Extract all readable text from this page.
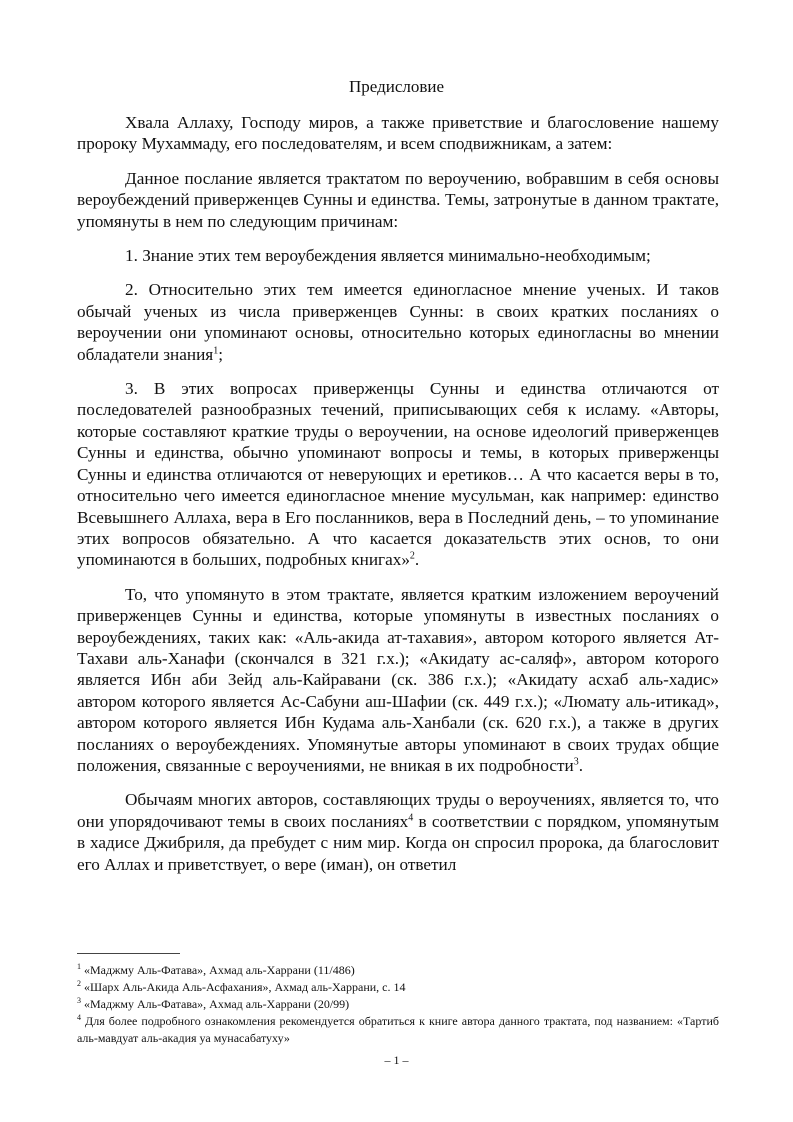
Предисловие

Хвала Аллаху, Господу миров, а также приветствие и благословение нашему пророку Мухаммаду, его последователям, и всем сподвижникам, а затем:

Данное послание является трактатом по вероучению, вобравшим в себя основы вероубеждений приверженцев Сунны и единства. Темы, затронутые в данном трактате, упомянуты в нем по следующим причинам:

1. Знание этих тем вероубеждения является минимально-необходимым;

2. Относительно этих тем имеется единогласное мнение ученых. И таков обычай ученых из числа приверженцев Сунны: в своих кратких посланиях о вероучении они упоминают основы, относительно которых единогласны во мнении обладатели знания$^1$;

3. В этих вопросах приверженцы Сунны и единства отличаются от последователей разнообразных течений, приписывающих себя к исламу. «Авторы, которые составляют краткие труды о вероучении, на основе идеологий приверженцев Сунны и единства, обычно упоминают вопросы и темы, в которых приверженцы Сунны и единства отличаются от неверующих и еретиков… А что касается веры в то, относительно чего имеется единогласное мнение мусульман, как например: единство Всевышнего Аллаха, вера в Его посланников, вера в Последний день, – то упоминание этих вопросов обязательно. А что касается доказательств этих основ, то они упоминаются в больших, подробных книгах»$^2$.

То, что упомянуто в этом трактате, является кратким изложением вероучений приверженцев Сунны и единства, которые упомянуты в известных посланиях о вероубеждениях, таких как: «Аль-акида ат-тахавия», автором которого является Ат-Тахави аль-Ханафи (скончался в 321 г.х.); «Акидату ас-саляф», автором которого является Ибн аби Зейд аль-Кайравани (ск. 386 г.х.); «Акидату асхаб аль-хадис» автором которого является Ас-Сабуни аш-Шафии (ск. 449 г.х.); «Люмату аль-итикад», автором которого является Ибн Кудама аль-Ханбали (ск. 620 г.х.), а также в других посланиях о вероубеждениях. Упомянутые авторы упоминают в своих трудах общие положения, связанные с вероучениями, не вникая в их подробности$^3$.

Обычаям многих авторов, составляющих труды о вероучениях, является то, что они упорядочивают темы в своих посланиях$^4$ в соответствии с порядком, упомянутым в хадисе Джибриля, да пребудет с ним мир. Когда он спросил пророка, да благословит его Аллах и приветствует, о вере (иман), он ответил

$^1$ «Маджму Аль-Фатава», Ахмад аль-Харрани (11/486)

$^2$ «Шарх Аль-Акида Аль-Асфахания», Ахмад аль-Харрани, с. 14

$^3$ «Маджму Аль-Фатава», Ахмад аль-Харрани (20/99)

$^4$ Для более подробного ознакомления рекомендуется обратиться к книге автора данного трактата, под названием: «Тартиб аль-мавдуат аль-акадия уа мунасабатуху»

– 1 –
